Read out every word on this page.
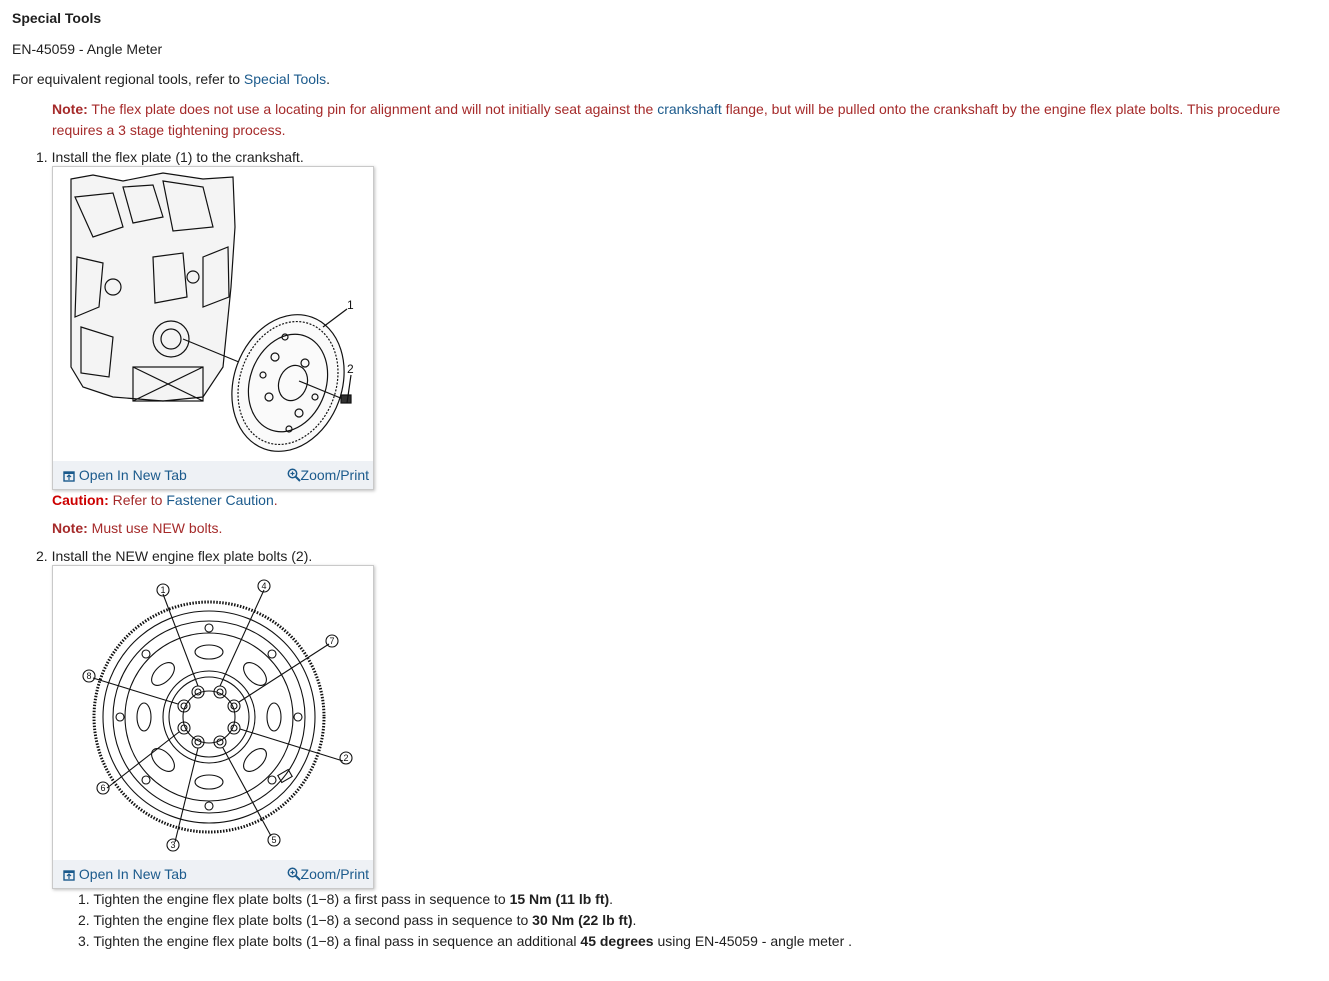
Special Tools
EN-45059 - Angle Meter
For equivalent regional tools, refer to Special Tools.
Note: The flex plate does not use a locating pin for alignment and will not initially seat against the crankshaft flange, but will be pulled onto the crankshaft by the engine flex plate bolts. This procedure
requires a 3 stage tightening process.
1. Install the flex plate (1) to the crankshaft.
1
2
Open In New Tab	Zoom/Print
Caution: Refer to Fastener Caution.
Note: Must use NEW bolts.
2. Install the NEW engine flex plate bolts (2).
1	4
7
8
2
6
5
3
Open In New Tab	Zoom/Print
1. Tighten the engine flex plate bolts (1−8) a first pass in sequence to 15 Nm (11 lb ft).
2. Tighten the engine flex plate bolts (1−8) a second pass in sequence to 30 Nm (22 lb ft).
3. Tighten the engine flex plate bolts (1−8) a final pass in sequence an additional 45 degrees using EN-45059 - angle meter .
